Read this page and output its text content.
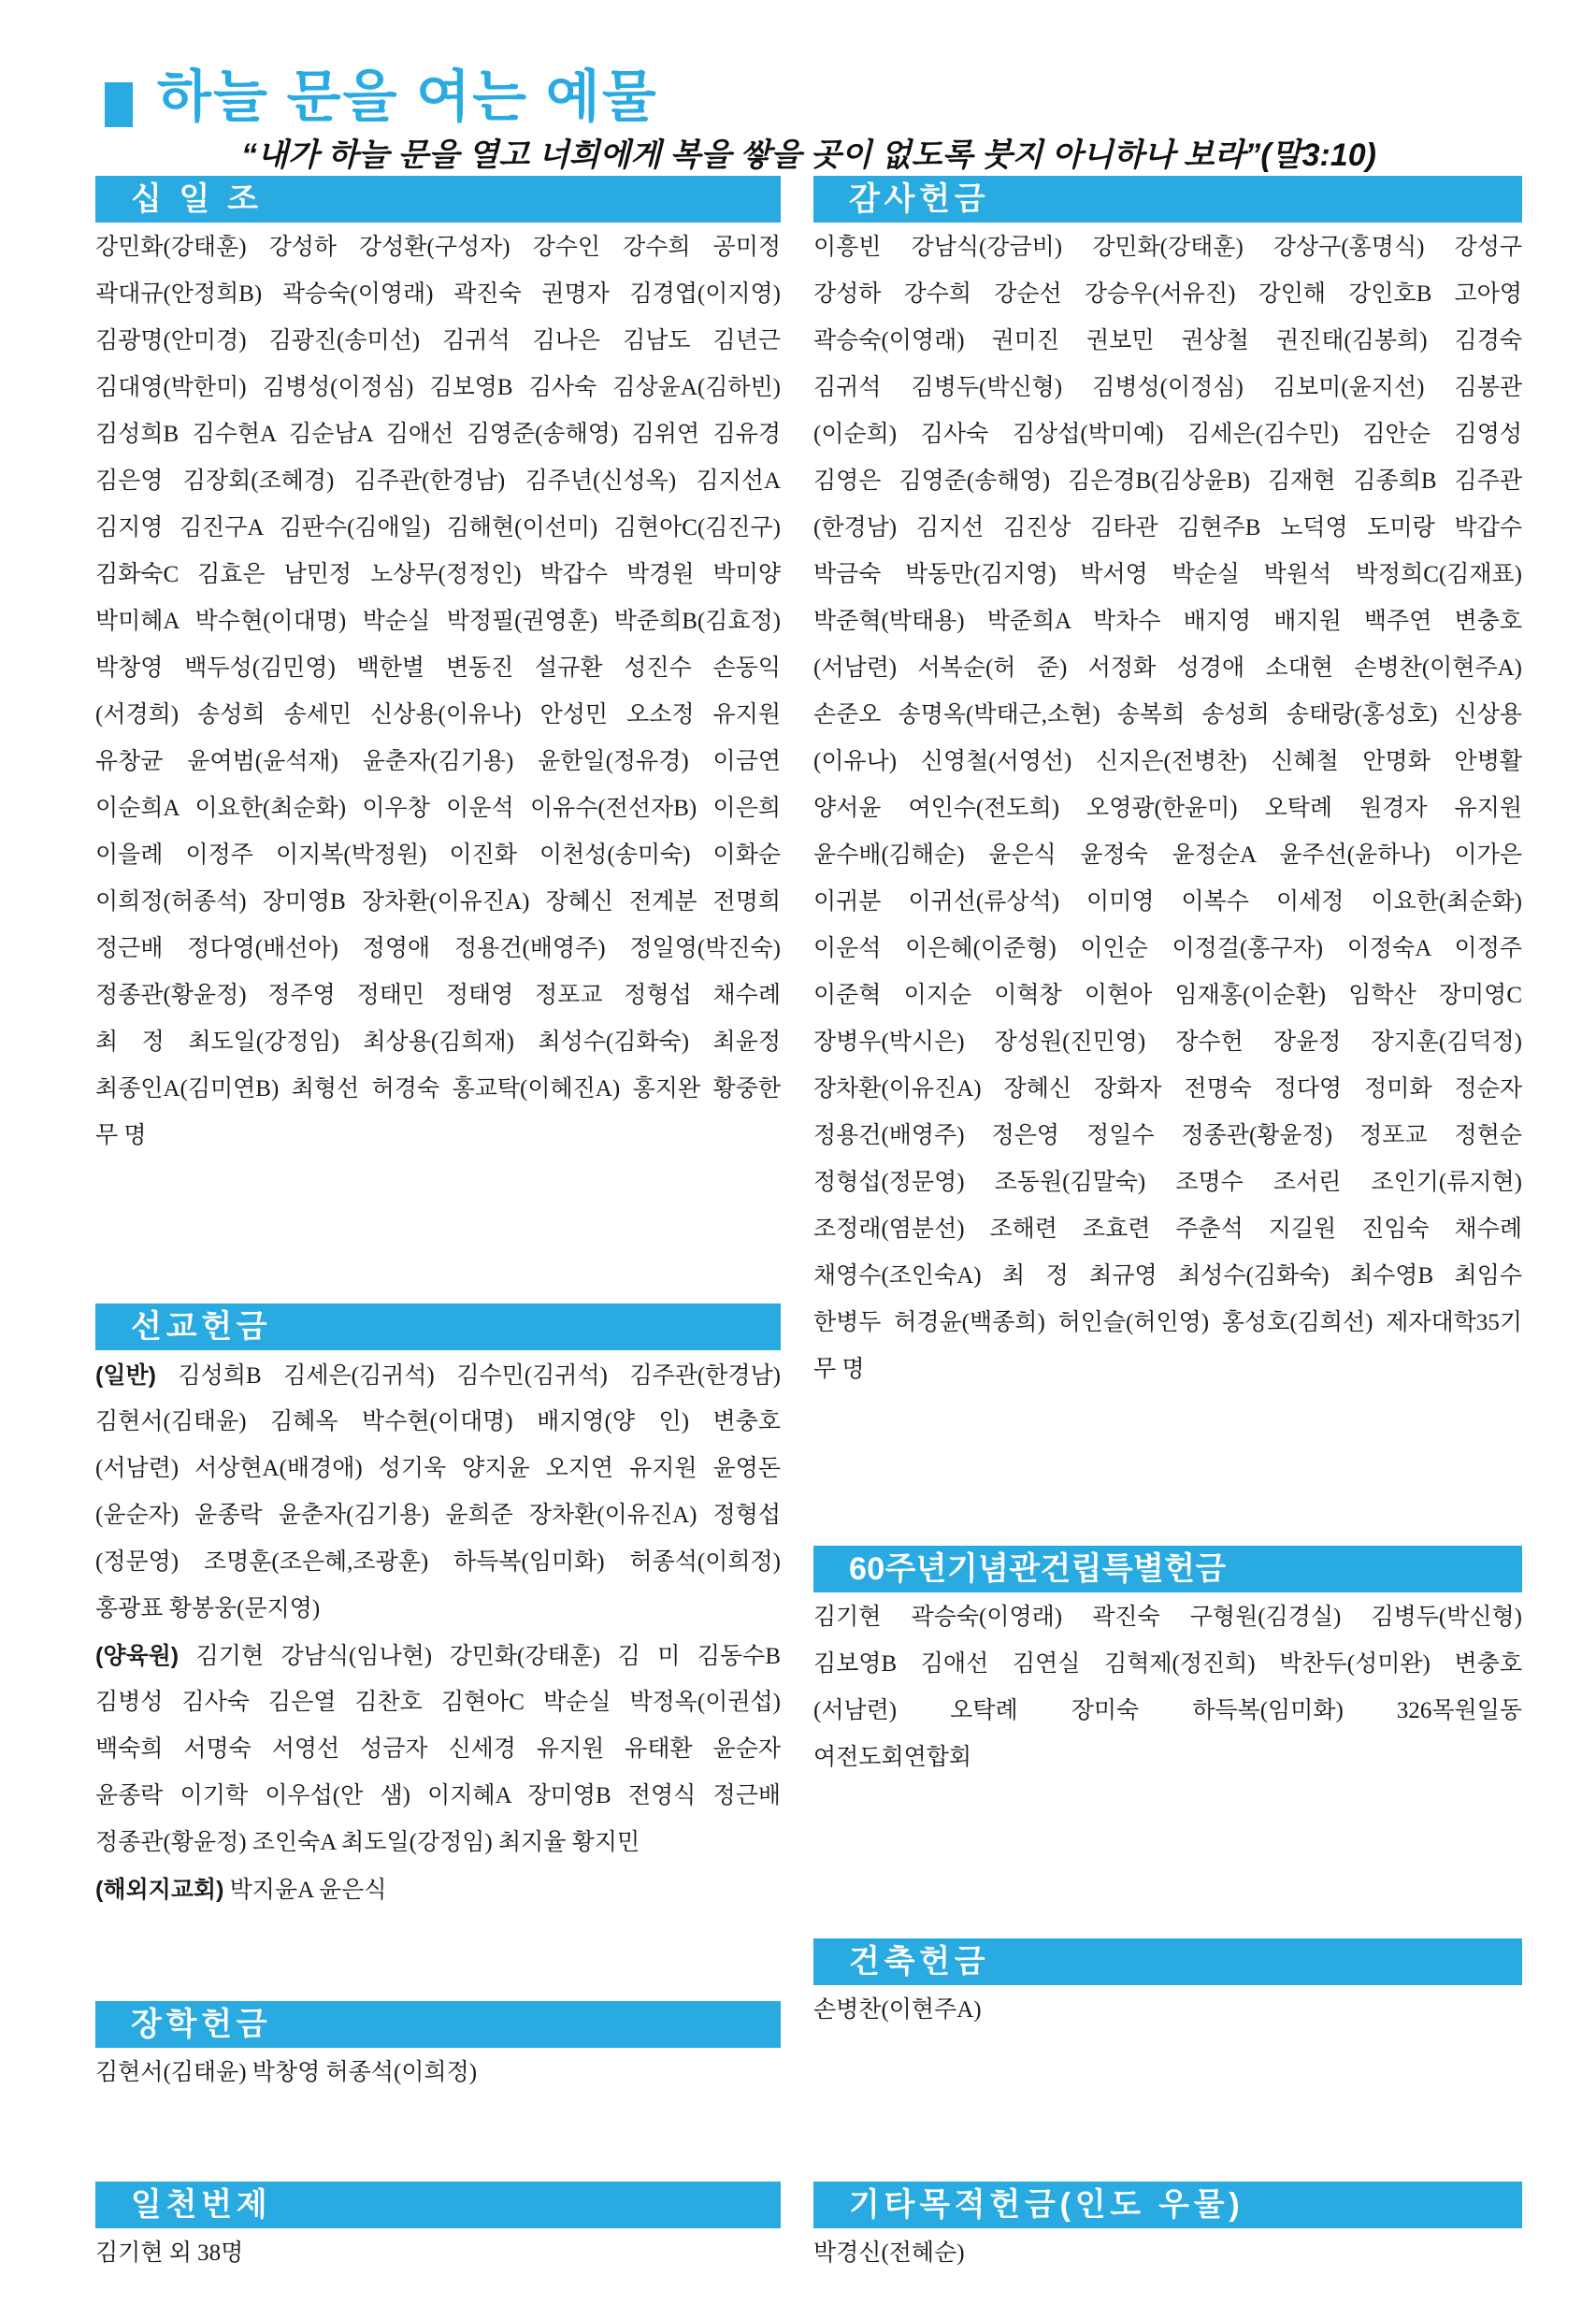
하늘 문을 여는 예물
“내가 하늘 문을 열고 너희에게 복을 쌓을 곳이 없도록 붓지 아니하나 보라”(말3:10)
십일조
강민화(강태훈) 강성하 강성환(구성자) 강수인 강수희 공미정
곽대규(안정희B) 곽승숙(이영래) 곽진숙 권명자 김경엽(이지영)
김광명(안미경) 김광진(송미선) 김귀석 김나은 김남도 김년근
김대영(박한미) 김병성(이정심) 김보영B 김사숙 김상윤A(김하빈)
김성희B 김수현A 김순남A 김애선 김영준(송해영) 김위연 김유경
김은영 김장회(조혜경) 김주관(한경남) 김주년(신성옥) 김지선A
김지영 김진구A 김판수(김애일) 김해현(이선미) 김현아C(김진구)
김화숙C 김효은 남민정 노상무(정정인) 박갑수 박경원 박미양
박미혜A 박수현(이대명) 박순실 박정필(권영훈) 박준희B(김효정)
박창영 백두성(김민영) 백한별 변동진 설규환 성진수 손동익
(서경희) 송성희 송세민 신상용(이유나) 안성민 오소정 유지원
유창균 윤여범(윤석재) 윤춘자(김기용) 윤한일(정유경) 이금연
이순희A 이요한(최순화) 이우창 이운석 이유수(전선자B) 이은희
이을례 이정주 이지복(박정원) 이진화 이천성(송미숙) 이화순
이희정(허종석) 장미영B 장차환(이유진A) 장혜신 전계분 전명희
정근배 정다영(배선아) 정영애 정용건(배영주) 정일영(박진숙)
정종관(황윤정) 정주영 정태민 정태영 정포교 정형섭 채수례
최 정 최도일(강정임) 최상용(김희재) 최성수(김화숙) 최윤정
최종인A(김미연B) 최형선 허경숙 홍교탁(이혜진A) 홍지완 황중한
무 명
선교헌금
(일반) 김성희B 김세은(김귀석) 김수민(김귀석) 김주관(한경남)
김현서(김태윤) 김혜옥 박수현(이대명) 배지영(양 인) 변충호
(서남련) 서상현A(배경애) 성기욱 양지윤 오지연 유지원 윤영돈
(윤순자) 윤종락 윤춘자(김기용) 윤희준 장차환(이유진A) 정형섭
(정문영) 조명훈(조은혜,조광훈) 하득복(임미화) 허종석(이희정)
홍광표 황봉웅(문지영)
(양육원) 김기현 강남식(임나현) 강민화(강태훈) 김 미 김동수B
김병성 김사숙 김은열 김찬호 김현아C 박순실 박정옥(이권섭)
백숙희 서명숙 서영선 성금자 신세경 유지원 유태환 윤순자
윤종락 이기학 이우섭(안 샘) 이지혜A 장미영B 전영식 정근배
정종관(황윤정) 조인숙A 최도일(강정임) 최지율 황지민
(해외지교회) 박지윤A 윤은식
장학헌금
김현서(김태윤) 박창영 허종석(이희정)
일천번제
김기현 외 38명
감사헌금
이흥빈 강남식(강금비) 강민화(강태훈) 강상구(홍명식) 강성구
강성하 강수희 강순선 강승우(서유진) 강인해 강인호B 고아영
곽승숙(이영래) 권미진 권보민 권상철 권진태(김봉희) 김경숙
김귀석 김병두(박신형) 김병성(이정심) 김보미(윤지선) 김봉관
(이순희) 김사숙 김상섭(박미예) 김세은(김수민) 김안순 김영성
김영은 김영준(송해영) 김은경B(김상윤B) 김재현 김종희B 김주관
(한경남) 김지선 김진상 김타관 김현주B 노덕영 도미랑 박갑수
박금숙 박동만(김지영) 박서영 박순실 박원석 박정희C(김재표)
박준혁(박태용) 박준희A 박차수 배지영 배지원 백주연 변충호
(서남련) 서복순(허 준) 서정화 성경애 소대현 손병찬(이현주A)
손준오 송명옥(박태근,소현) 송복희 송성희 송태랑(홍성호) 신상용
(이유나) 신영철(서영선) 신지은(전병찬) 신혜철 안명화 안병활
양서윤 여인수(전도희) 오영광(한윤미) 오탁례 원경자 유지원
윤수배(김해순) 윤은식 윤정숙 윤정순A 윤주선(윤하나) 이가은
이귀분 이귀선(류상석) 이미영 이복수 이세정 이요한(최순화)
이운석 이은혜(이준형) 이인순 이정걸(홍구자) 이정숙A 이정주
이준혁 이지순 이혁창 이현아 임재홍(이순환) 임학산 장미영C
장병우(박시은) 장성원(진민영) 장수헌 장윤정 장지훈(김덕정)
장차환(이유진A) 장혜신 장화자 전명숙 정다영 정미화 정순자
정용건(배영주) 정은영 정일수 정종관(황윤정) 정포교 정현순
정형섭(정문영) 조동원(김말숙) 조명수 조서린 조인기(류지현)
조정래(염분선) 조해련 조효련 주춘석 지길원 진임숙 채수례
채영수(조인숙A) 최 정 최규영 최성수(김화숙) 최수영B 최임수
한병두 허경윤(백종희) 허인슬(허인영) 홍성호(김희선) 제자대학35기
무 명
60주년기념관건립특별헌금
김기현 곽승숙(이영래) 곽진숙 구형원(김경실) 김병두(박신형)
김보영B 김애선 김연실 김혁제(정진희) 박찬두(성미완) 변충호
(서남련) 오탁례 장미숙 하득복(임미화) 326목원일동
여전도회연합회
건축헌금
손병찬(이현주A)
기타목적헌금(인도 우물)
박경신(전혜순)
